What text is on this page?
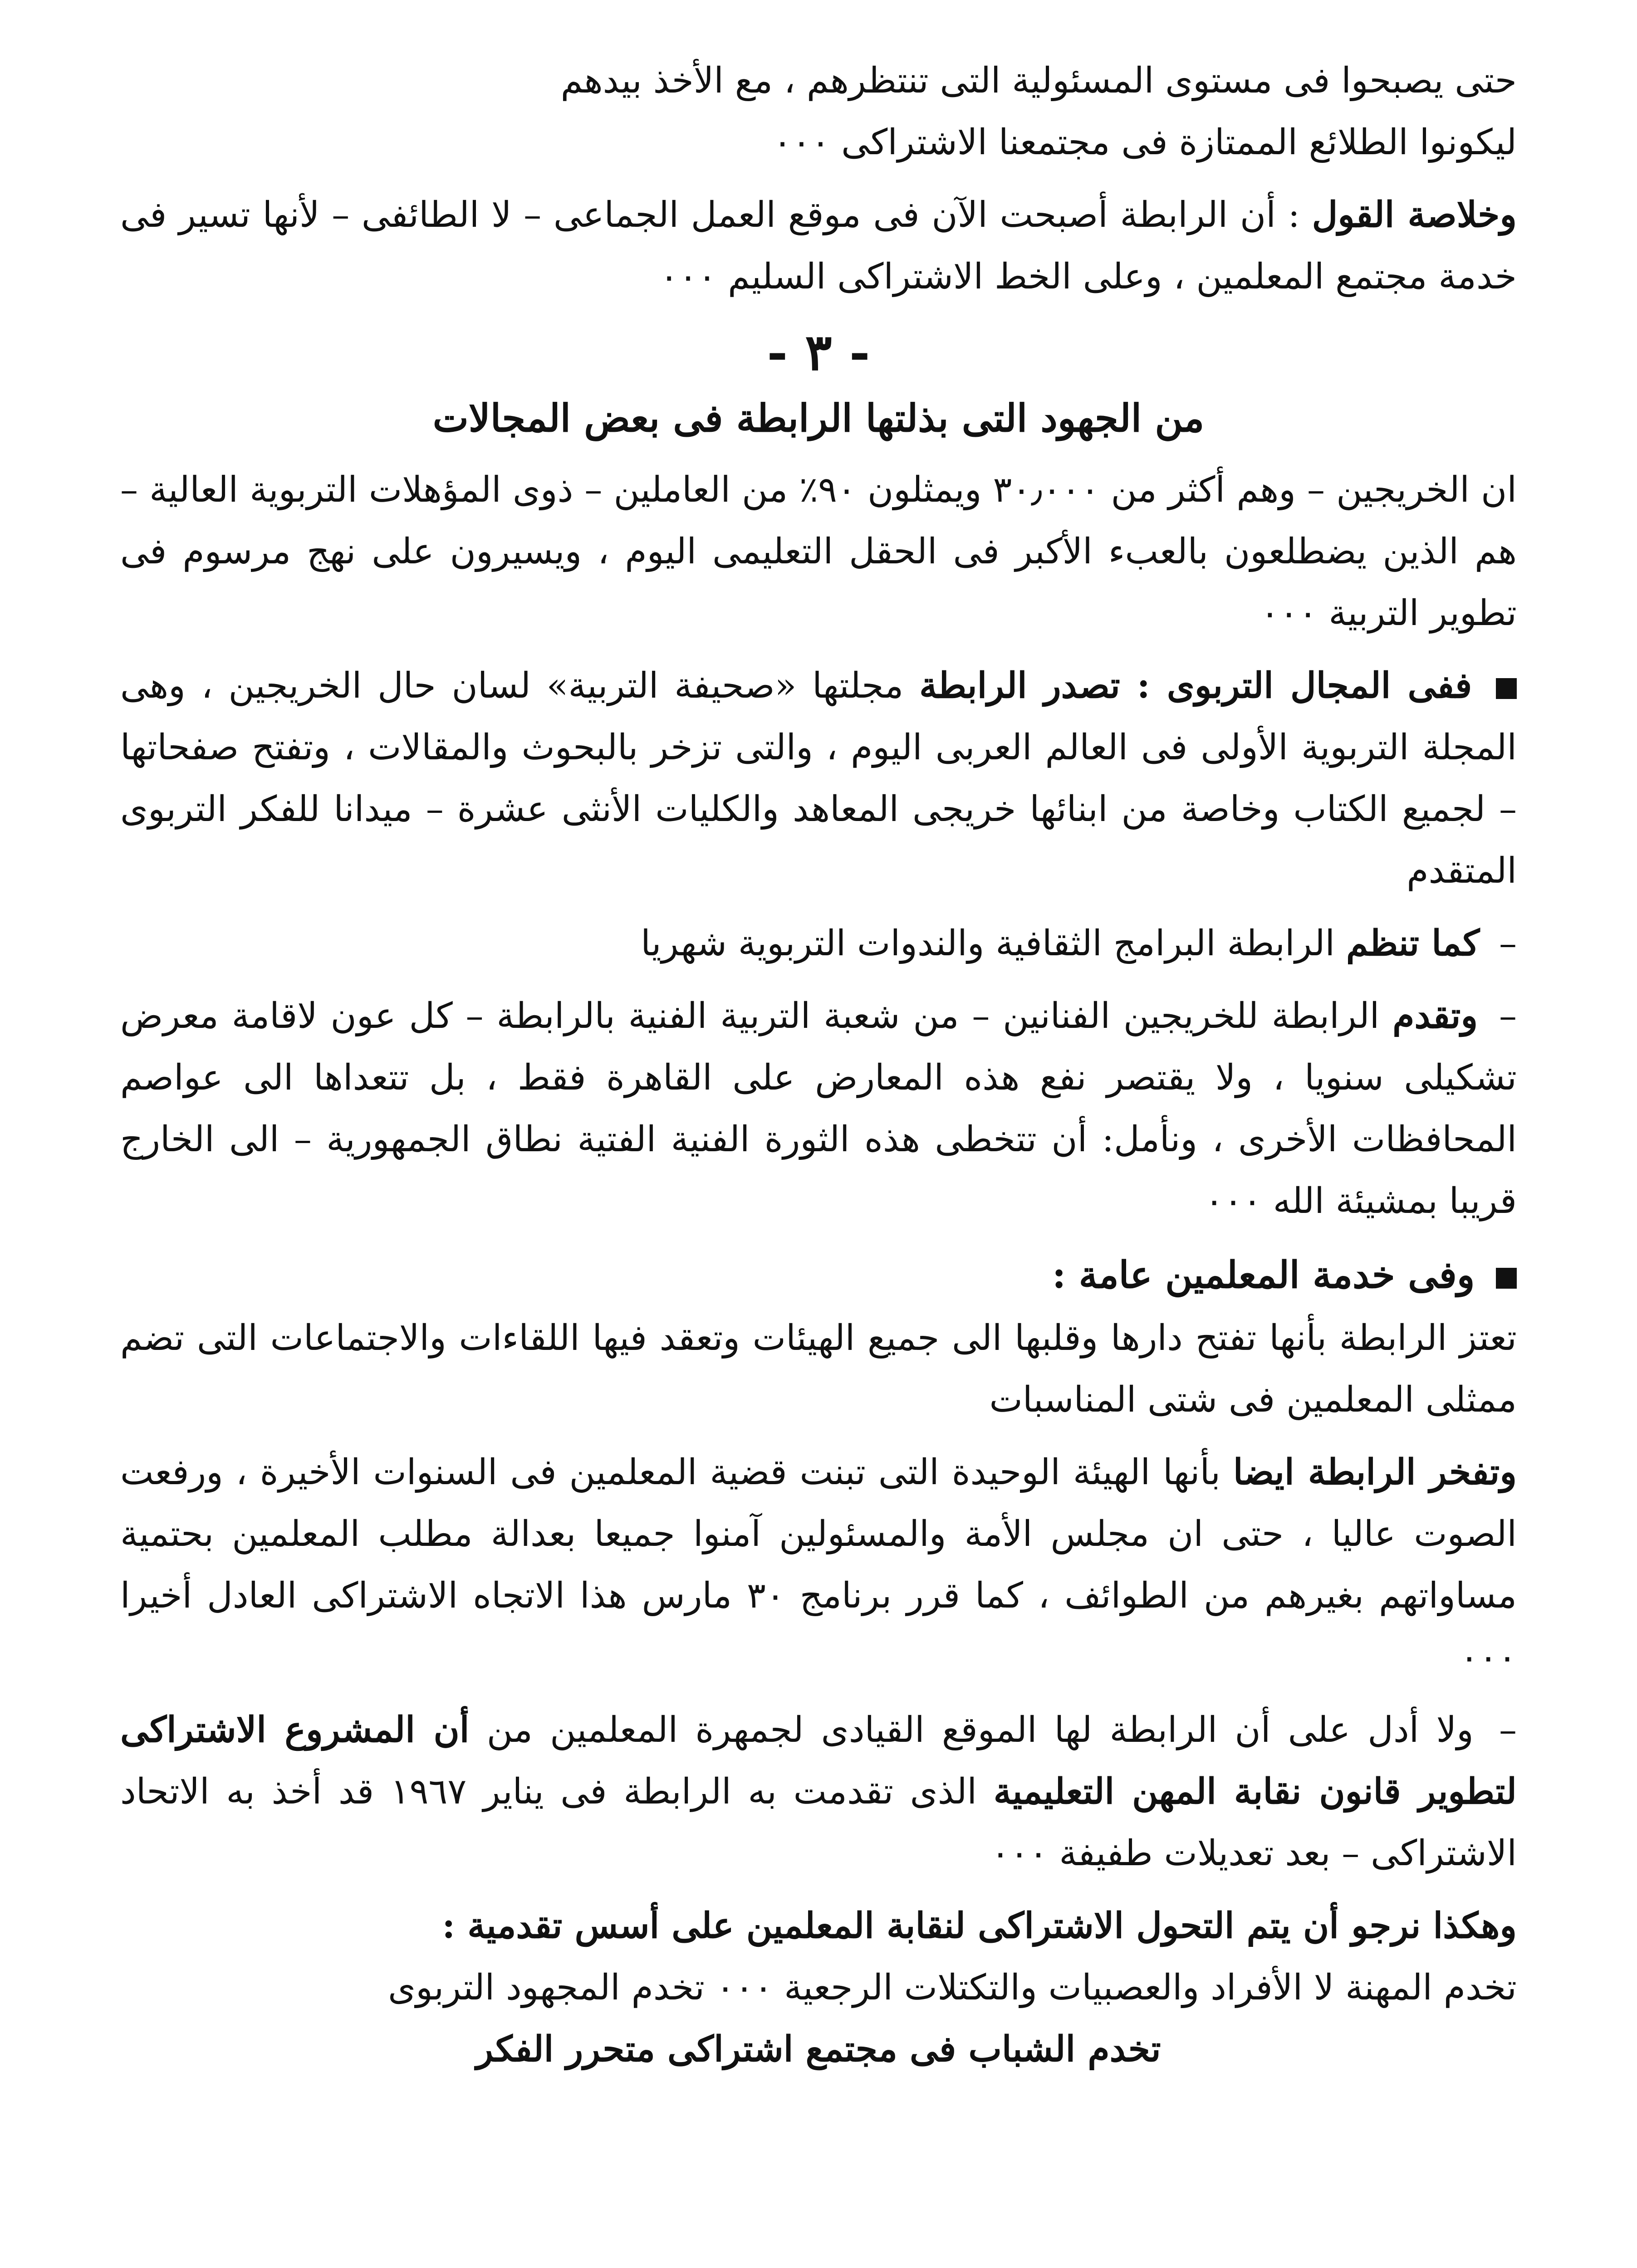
حتى يصبحوا فى مستوى المسئولية التى تنتظرهم ، مع الأخذ بيدهم

ليكونوا الطلائع الممتازة فى مجتمعنا الاشتراكى ٠٠٠

وخلاصة القول : أن الرابطة أصبحت الآن فى موقع العمل الجماعى – لا الطائفى – لأنها تسير فى خدمة مجتمع المعلمين ، وعلى الخط الاشتراكى السليم ٠٠٠

- ٣ -
من الجهود التى بذلتها الرابطة فى بعض المجالات

ان الخريجين – وهم أكثر من ٣٠٫٠٠٠ ويمثلون ٩٠٪ من العاملين – ذوى المؤهلات التربوية العالية – هم الذين يضطلعون بالعبء الأكبر فى الحقل التعليمى اليوم ، ويسيرون على نهج مرسوم فى تطوير التربية ٠٠٠

ففى المجال التربوى : تصدر الرابطة مجلتها «صحيفة التربية» لسان حال الخريجين ، وهى المجلة التربوية الأولى فى العالم العربى اليوم ، والتى تزخر بالبحوث والمقالات ، وتفتح صفحاتها – لجميع الكتاب وخاصة من ابنائها خريجى المعاهد والكليات الأنثى عشرة – ميدانا للفكر التربوى المتقدم

– كما تنظم الرابطة البرامج الثقافية والندوات التربوية شهريا

– وتقدم الرابطة للخريجين الفنانين – من شعبة التربية الفنية بالرابطة – كل عون لاقامة معرض تشكيلى سنويا ، ولا يقتصر نفع هذه المعارض على القاهرة فقط ، بل تتعداها الى عواصم المحافظات الأخرى ، ونأمل: أن تتخطى هذه الثورة الفنية الفتية نطاق الجمهورية – الى الخارج قريبا بمشيئة الله ٠٠٠

وفى خدمة المعلمين عامة :

تعتز الرابطة بأنها تفتح دارها وقلبها الى جميع الهيئات وتعقد فيها اللقاءات والاجتماعات التى تضم ممثلى المعلمين فى شتى المناسبات

وتفخر الرابطة ايضا بأنها الهيئة الوحيدة التى تبنت قضية المعلمين فى السنوات الأخيرة ، ورفعت الصوت عاليا ، حتى ان مجلس الأمة والمسئولين آمنوا جميعا بعدالة مطلب المعلمين بحتمية مساواتهم بغيرهم من الطوائف ، كما قرر برنامج ٣٠ مارس هذا الاتجاه الاشتراكى العادل أخيرا ٠٠٠

– ولا أدل على أن الرابطة لها الموقع القيادى لجمهرة المعلمين من أن المشروع الاشتراكى لتطوير قانون نقابة المهن التعليمية الذى تقدمت به الرابطة فى يناير ١٩٦٧ قد أخذ به الاتحاد الاشتراكى – بعد تعديلات طفيفة ٠٠٠

وهكذا نرجو أن يتم التحول الاشتراكى لنقابة المعلمين على أسس تقدمية :

تخدم المهنة لا الأفراد والعصبيات والتكتلات الرجعية ٠٠٠ تخدم المجهود التربوى

تخدم الشباب فى مجتمع اشتراكى متحرر الفكر
